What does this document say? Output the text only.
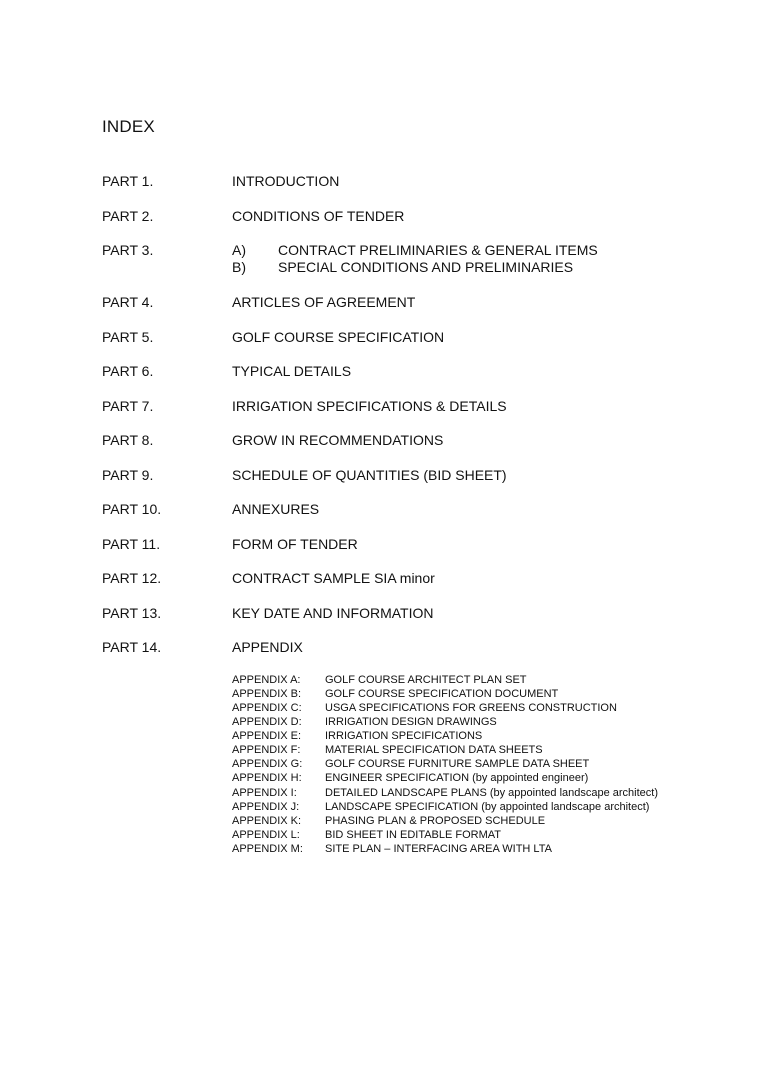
INDEX
PART 1.	INTRODUCTION
PART 2.	CONDITIONS OF TENDER
PART 3.	A) CONTRACT PRELIMINARIES & GENERAL ITEMS
B) SPECIAL CONDITIONS AND PRELIMINARIES
PART 4.	ARTICLES OF AGREEMENT
PART 5.	GOLF COURSE SPECIFICATION
PART 6.	TYPICAL DETAILS
PART 7.	IRRIGATION SPECIFICATIONS & DETAILS
PART 8.	GROW IN RECOMMENDATIONS
PART 9.	SCHEDULE OF QUANTITIES (BID SHEET)
PART 10.	ANNEXURES
PART 11.	FORM OF TENDER
PART 12.	CONTRACT SAMPLE SIA minor
PART 13.	KEY DATE AND INFORMATION
PART 14.	APPENDIX
APPENDIX A: GOLF COURSE ARCHITECT PLAN SET
APPENDIX B: GOLF COURSE SPECIFICATION DOCUMENT
APPENDIX C: USGA SPECIFICATIONS FOR GREENS CONSTRUCTION
APPENDIX D: IRRIGATION DESIGN DRAWINGS
APPENDIX E: IRRIGATION SPECIFICATIONS
APPENDIX F: MATERIAL SPECIFICATION DATA SHEETS
APPENDIX G: GOLF COURSE FURNITURE SAMPLE DATA SHEET
APPENDIX H: ENGINEER SPECIFICATION (by appointed engineer)
APPENDIX I:	DETAILED LANDSCAPE PLANS (by appointed landscape architect)
APPENDIX J: LANDSCAPE SPECIFICATION (by appointed landscape architect)
APPENDIX K: PHASING PLAN & PROPOSED SCHEDULE
APPENDIX L: BID SHEET IN EDITABLE FORMAT
APPENDIX M: SITE PLAN – INTERFACING AREA WITH LTA
